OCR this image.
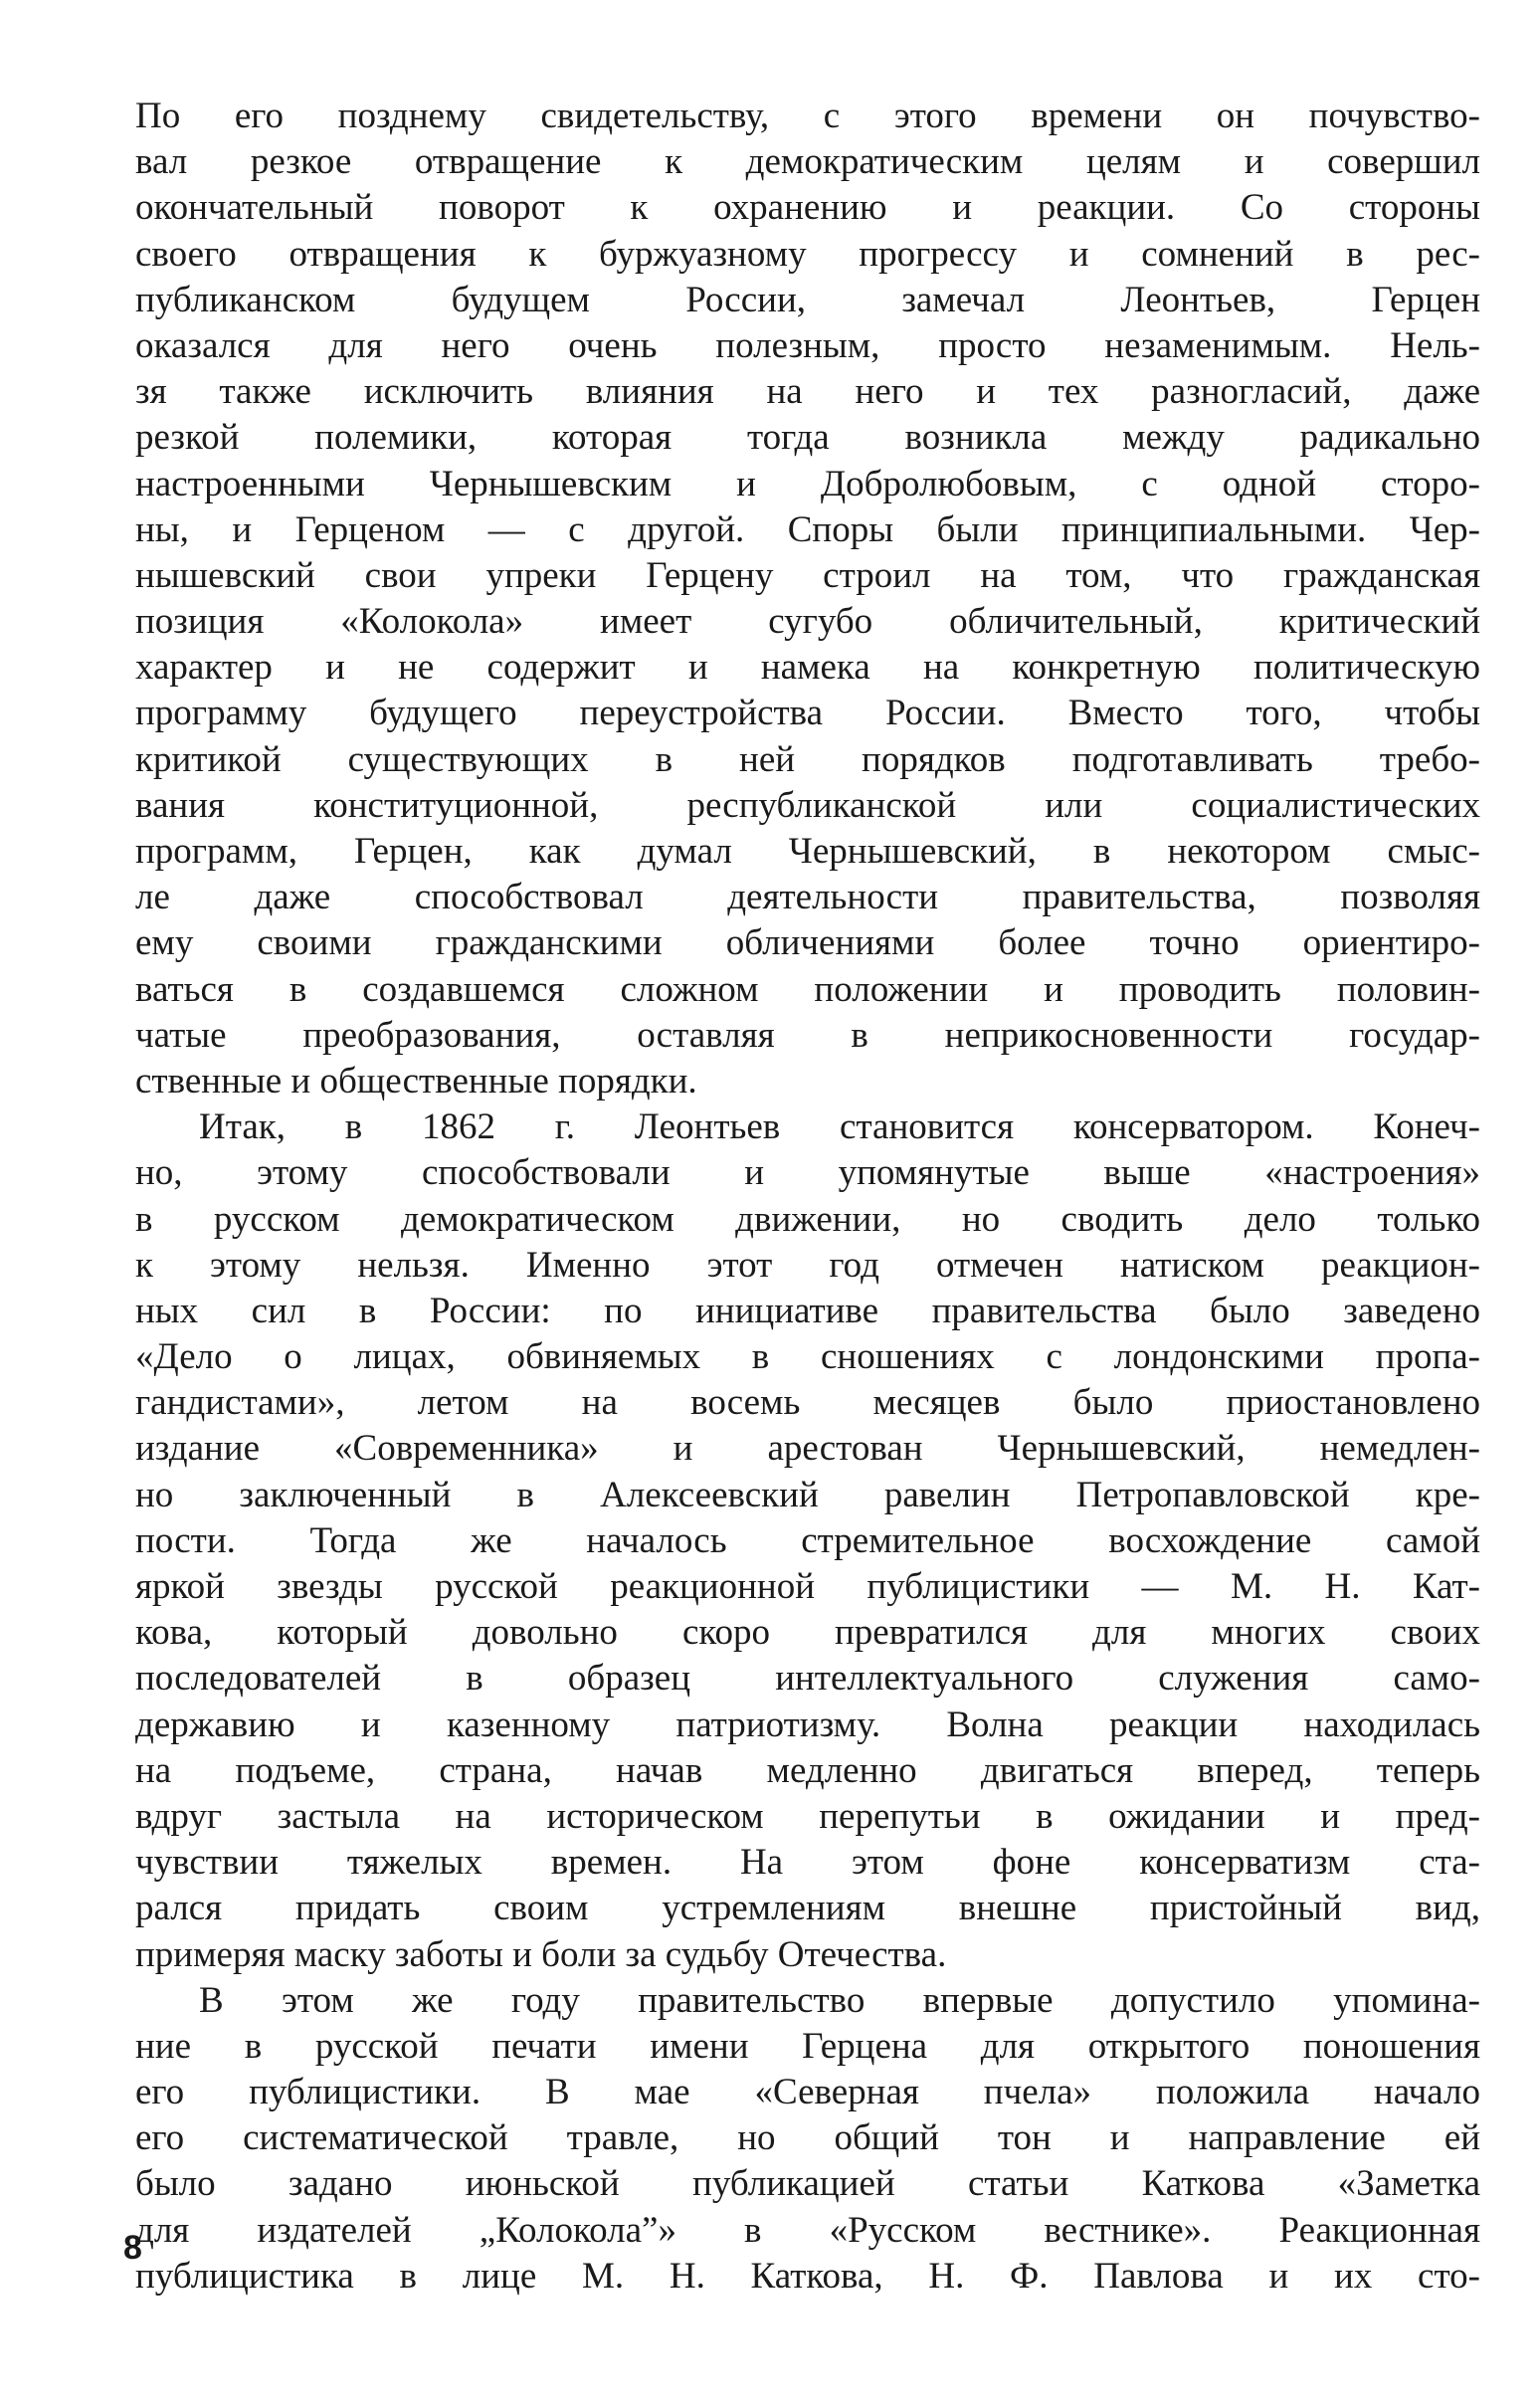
По его позднему свидетельству, с этого времени он почувство-
вал резкое отвращение к демократическим целям и совершил
окончательный поворот к охранению и реакции. Со стороны
своего отвращения к буржуазному прогрессу и сомнений в рес-
публиканском будущем России, замечал Леонтьев, Герцен
оказался для него очень полезным, просто незаменимым. Нель-
зя также исключить влияния на него и тех разногласий, даже
резкой полемики, которая тогда возникла между радикально
настроенными Чернышевским и Добролюбовым, с одной сторо-
ны, и Герценом — с другой. Споры были принципиальными. Чер-
нышевский свои упреки Герцену строил на том, что гражданская
позиция «Колокола» имеет сугубо обличительный, критический
характер и не содержит и намека на конкретную политическую
программу будущего переустройства России. Вместо того, чтобы
критикой существующих в ней порядков подготавливать требо-
вания конституционной, республиканской или социалистических
программ, Герцен, как думал Чернышевский, в некотором смыс-
ле даже способствовал деятельности правительства, позволяя
ему своими гражданскими обличениями более точно ориентиро-
ваться в создавшемся сложном положении и проводить половин-
чатые преобразования, оставляя в неприкосновенности государ-
ственные и общественные порядки.
Итак, в 1862 г. Леонтьев становится консерватором. Конеч-
но, этому способствовали и упомянутые выше «настроения»
в русском демократическом движении, но сводить дело только
к этому нельзя. Именно этот год отмечен натиском реакцион-
ных сил в России: по инициативе правительства было заведено
«Дело о лицах, обвиняемых в сношениях с лондонскими пропа-
гандистами», летом на восемь месяцев было приостановлено
издание «Современника» и арестован Чернышевский, немедлен-
но заключенный в Алексеевский равелин Петропавловской кре-
пости. Тогда же началось стремительное восхождение самой
яркой звезды русской реакционной публицистики — М. Н. Кат-
кова, который довольно скоро превратился для многих своих
последователей в образец интеллектуального служения само-
державию и казенному патриотизму. Волна реакции находилась
на подъеме, страна, начав медленно двигаться вперед, теперь
вдруг застыла на историческом перепутьи в ожидании и пред-
чувствии тяжелых времен. На этом фоне консерватизм ста-
рался придать своим устремлениям внешне пристойный вид,
примеряя маску заботы и боли за судьбу Отечества.
В этом же году правительство впервые допустило упомина-
ние в русской печати имени Герцена для открытого поношения
его публицистики. В мае «Северная пчела» положила начало
его систематической травле, но общий тон и направление ей
было задано июньской публикацией статьи Каткова «Заметка
для издателей „Колокола”» в «Русском вестнике». Реакционная
публицистика в лице М. Н. Каткова, Н. Ф. Павлова и их сто-
8
